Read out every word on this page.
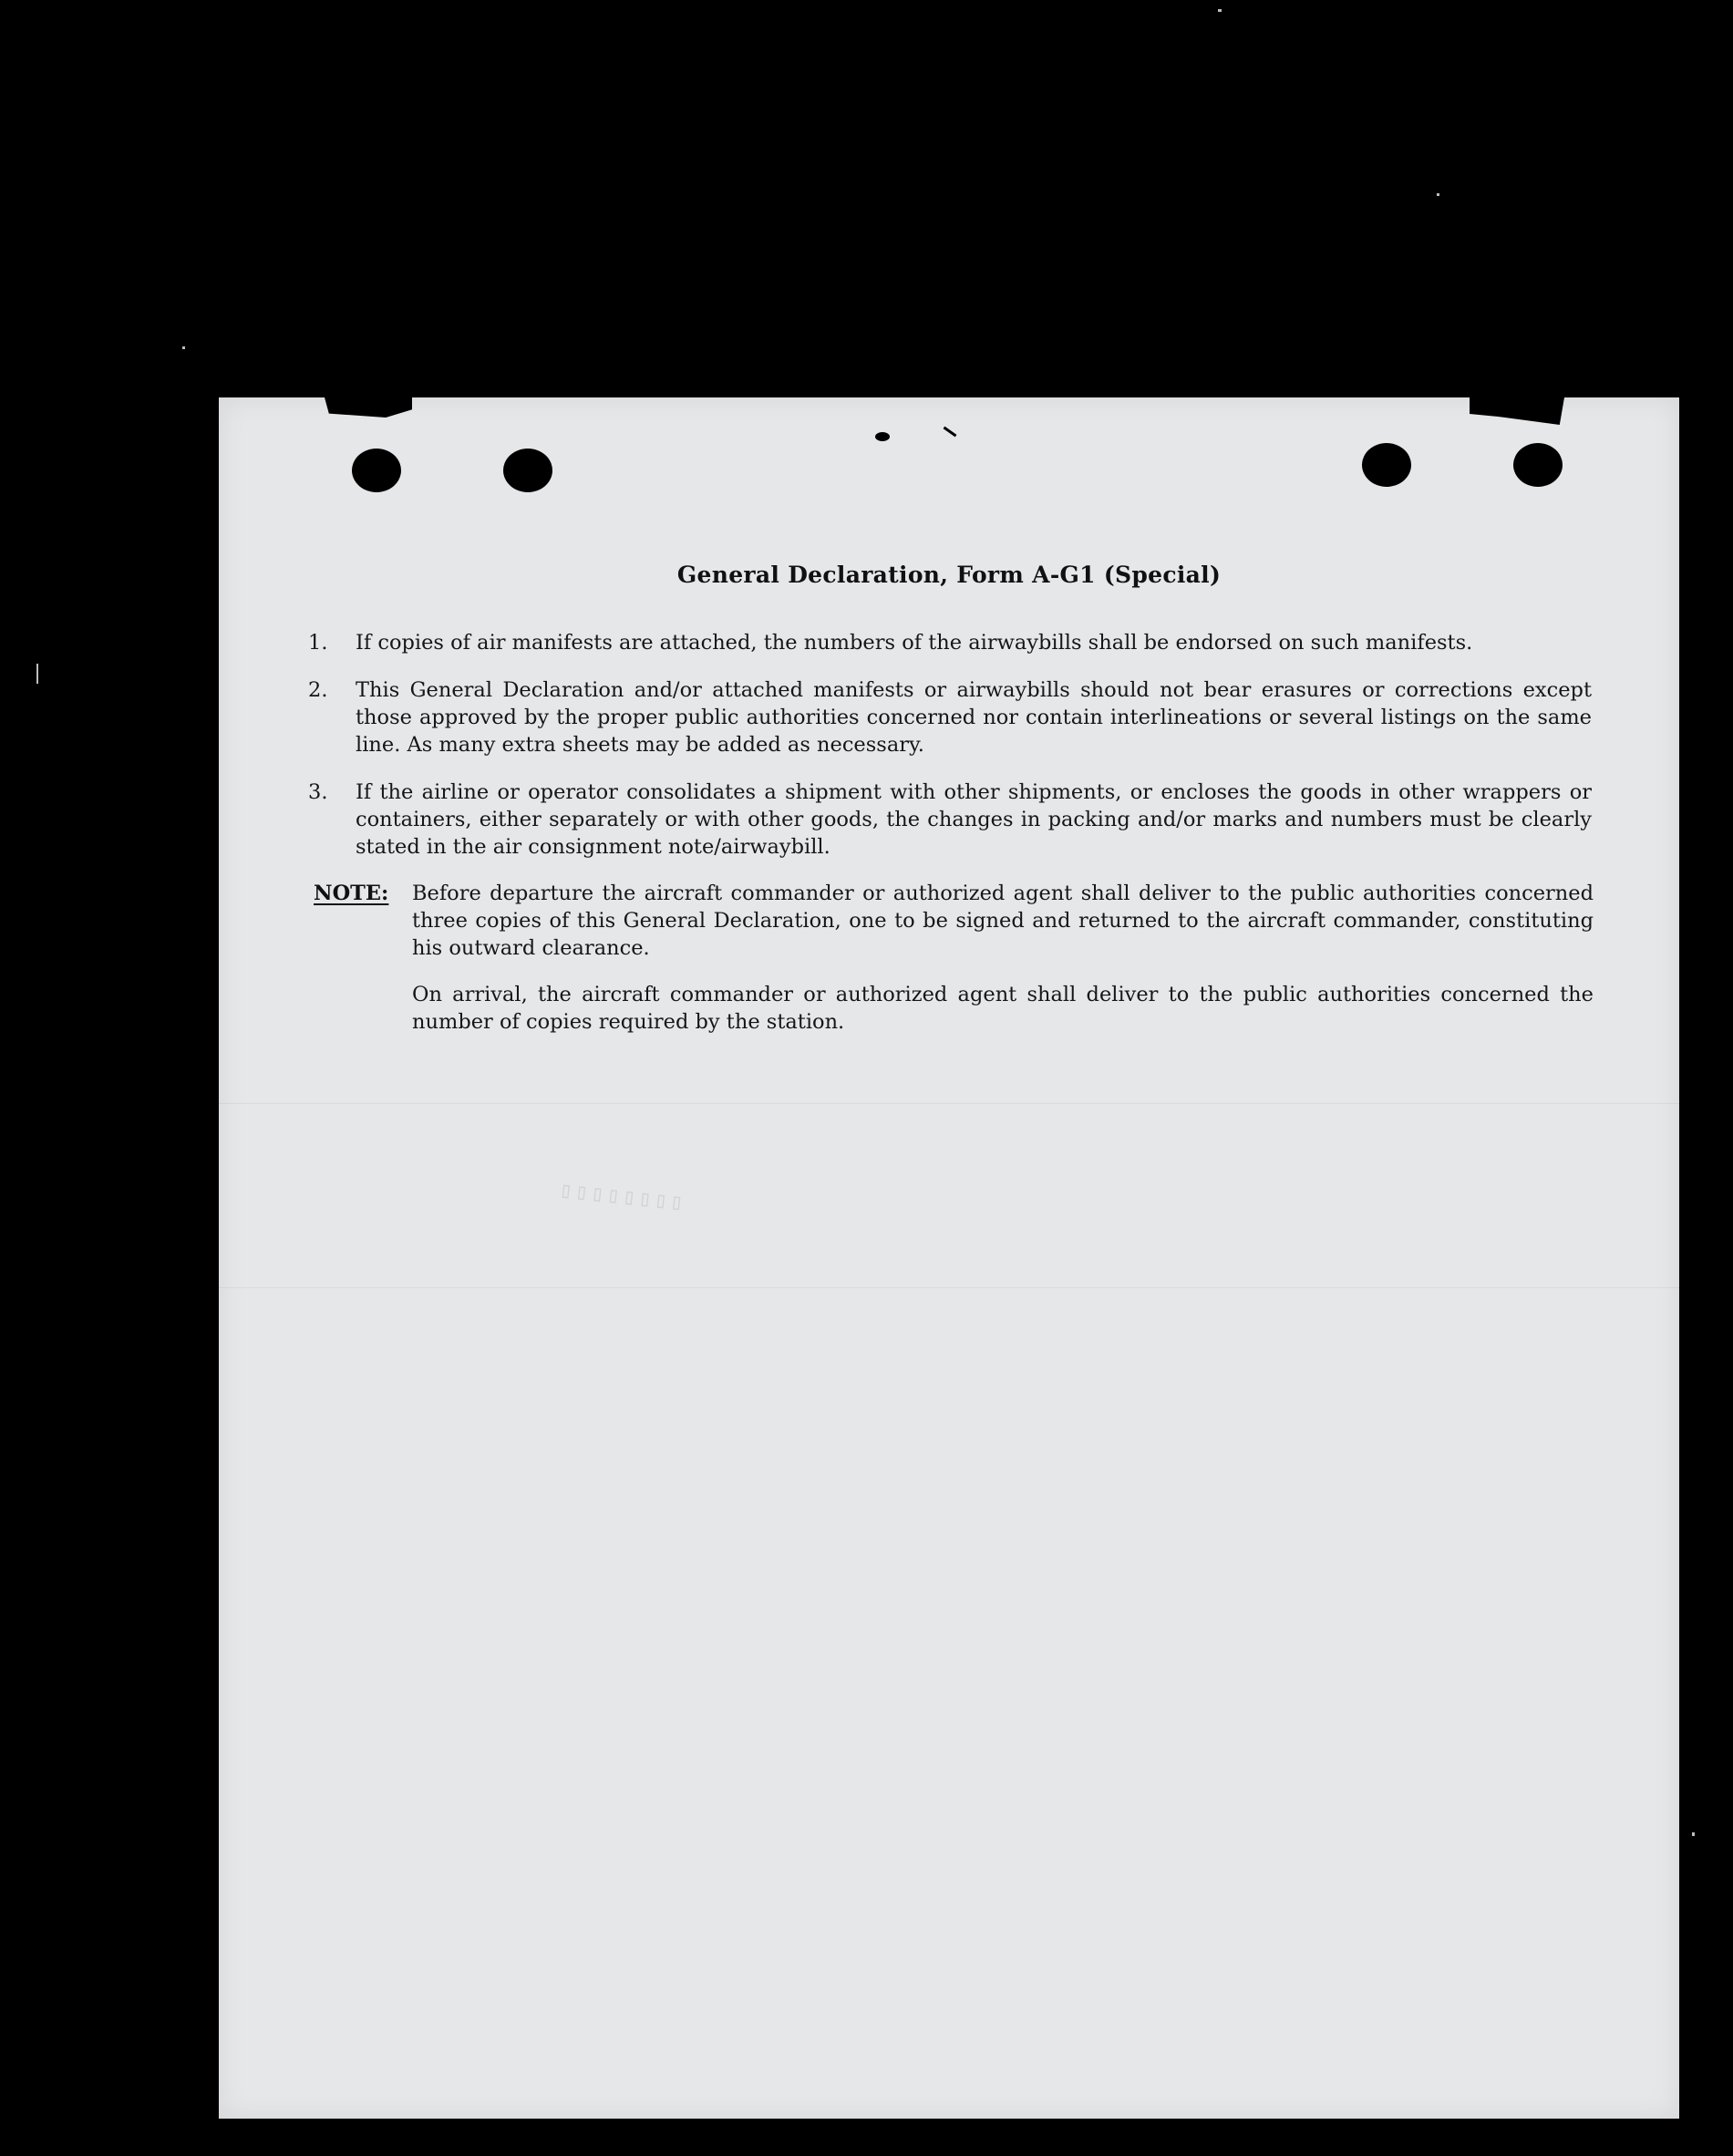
▯▯▯▯▯▯▯▯
General Declaration, Form A-G1 (Special)
1. If copies of air manifests are attached, the numbers of the airwaybills shall be endorsed on such manifests.
2. This General Declaration and/or attached manifests or airwaybills should not bear erasures or corrections except those approved by the proper public authorities concerned nor contain interlineations or several listings on the same line. As many extra sheets may be added as necessary.
3. If the airline or operator consolidates a shipment with other shipments, or encloses the goods in other wrappers or containers, either separately or with other goods, the changes in packing and/or marks and numbers must be clearly stated in the air consignment note/airwaybill.
NOTE: Before departure the aircraft commander or authorized agent shall deliver to the public authorities concerned three copies of this General Declaration, one to be signed and returned to the aircraft commander, constituting his outward clearance.
On arrival, the aircraft commander or authorized agent shall deliver to the public authorities concerned the number of copies required by the station.
